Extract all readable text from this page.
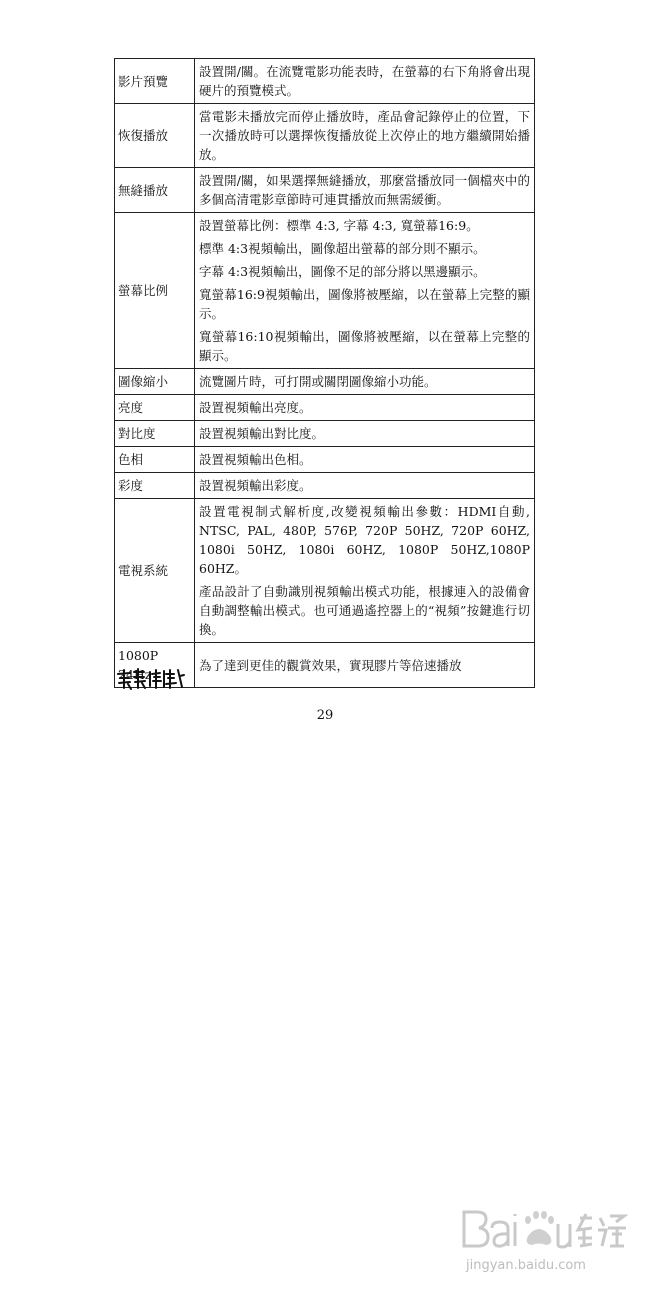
影片預覽	設置開/關。在流覽電影功能表時，在螢幕的右下角將會出現硬片的預覽模式。

恢復播放	當電影未播放完而停止播放時，產品會記錄停止的位置，下一次播放時可以選擇恢復播放從上次停止的地方繼續開始播放。

無縫播放	設置開/關，如果選擇無縫播放，那麼當播放同一個檔夾中的多個高清電影章節時可連貫播放而無需緩衝。

螢幕比例	設置螢幕比例：標準 4:3, 字幕 4:3, 寬螢幕16:9。

標準 4:3視頻輸出，圖像超出螢幕的部分則不顯示。

字幕 4:3視頻輸出，圖像不足的部分將以黑邊顯示。

寬螢幕16:9視頻輸出，圖像將被壓縮，以在螢幕上完整的顯示。

寬螢幕16:10視頻輸出，圖像將被壓縮，以在螢幕上完整的顯示。

圖像縮小	流覽圖片時，可打開或關閉圖像縮小功能。

亮度	設置視頻輸出亮度。

對比度	設置視頻輸出對比度。

色相	設置視頻輸出色相。

彩度	設置視頻輸出彩度。

電視系統	設置電視制式解析度,改變視頻輸出參數：HDMI自動, NTSC, PAL, 480P, 576P, 720P 50HZ, 720P 60HZ, 1080i 50HZ, 1080i 60HZ, 1080P 50HZ,1080P 60HZ。

產品設計了自動識別視頻輸出模式功能，根據連入的設備會自動調整輸出模式。也可通過遙控器上的“視頻”按鍵進行切換。

1080P 24Hz	為了達到更佳的觀賞效果，實現膠片等倍速播放

29
jingyan.baidu.com
